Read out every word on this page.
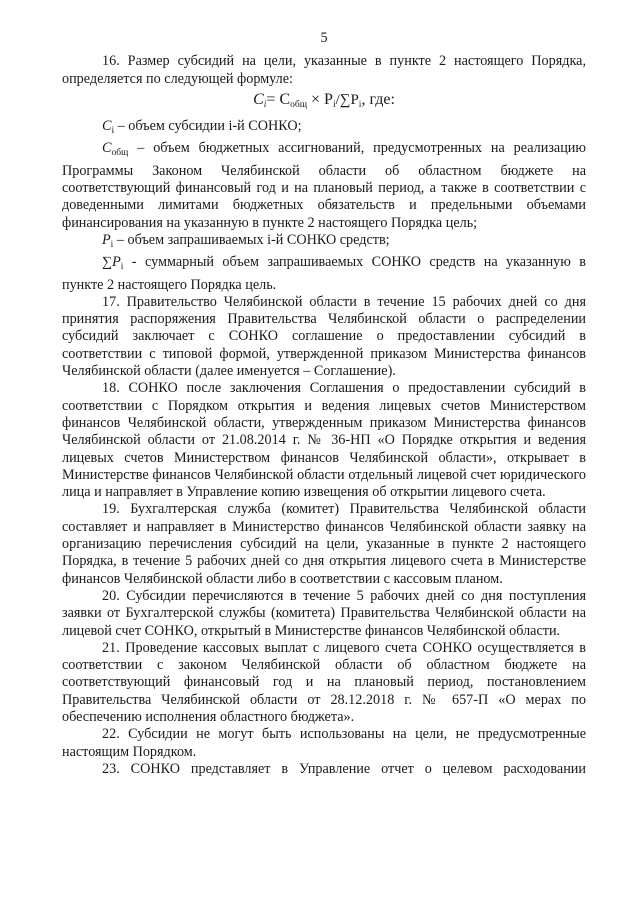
5

16. Размер субсидий на цели, указанные в пункте 2 настоящего Порядка, определяется по следующей формуле:

$C_i= C_{общ} \times P_i/\sum P_i$, где:

$C_i$ – объем субсидии i-й СОНКО;

$C_{общ}$ – объем бюджетных ассигнований, предусмотренных на реализацию Программы Законом Челябинской области об областном бюджете на соответствующий финансовый год и на плановый период, а также в соответствии с доведенными лимитами бюджетных обязательств и предельными объемами финансирования на указанную в пункте 2 настоящего Порядка цель;

$P_i$ – объем запрашиваемых i-й СОНКО средств;

$\sum P_i$ - суммарный объем запрашиваемых СОНКО средств на указанную в пункте 2 настоящего Порядка цель.

17. Правительство Челябинской области в течение 15 рабочих дней со дня принятия распоряжения Правительства Челябинской области о распределении субсидий заключает с СОНКО соглашение о предоставлении субсидий в соответствии с типовой формой, утвержденной приказом Министерства финансов Челябинской области (далее именуется – Соглашение).

18. СОНКО после заключения Соглашения о предоставлении субсидий в соответствии с Порядком открытия и ведения лицевых счетов Министерством финансов Челябинской области, утвержденным приказом Министерства финансов Челябинской области от 21.08.2014 г. № 36-НП «О Порядке открытия и ведения лицевых счетов Министерством финансов Челябинской области», открывает в Министерстве финансов Челябинской области отдельный лицевой счет юридического лица и направляет в Управление копию извещения об открытии лицевого счета.

19. Бухгалтерская служба (комитет) Правительства Челябинской области составляет и направляет в Министерство финансов Челябинской области заявку на организацию перечисления субсидий на цели, указанные в пункте 2 настоящего Порядка, в течение 5 рабочих дней со дня открытия лицевого счета в Министерстве финансов Челябинской области либо в соответствии с кассовым планом.

20. Субсидии перечисляются в течение 5 рабочих дней со дня поступления заявки от Бухгалтерской службы (комитета) Правительства Челябинской области на лицевой счет СОНКО, открытый в Министерстве финансов Челябинской области.

21. Проведение кассовых выплат с лицевого счета СОНКО осуществляется в соответствии с законом Челябинской области об областном бюджете на соответствующий финансовый год и на плановый период, постановлением Правительства Челябинской области от 28.12.2018 г. № 657-П «О мерах по обеспечению исполнения областного бюджета».

22. Субсидии не могут быть использованы на цели, не предусмотренные настоящим Порядком.

23. СОНКО представляет в Управление отчет о целевом расходовании
